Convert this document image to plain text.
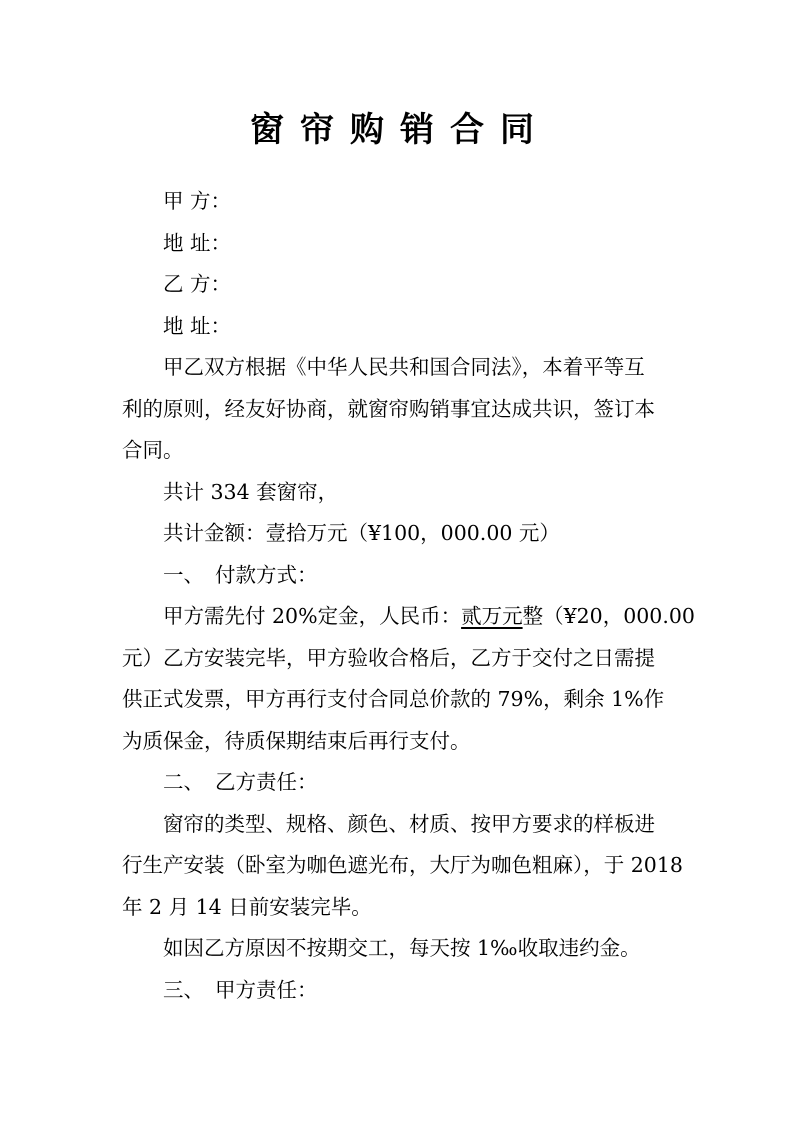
窗帘购销合同
甲 方：
地 址：
乙 方：
地 址：
甲乙双方根据《中华人民共和国合同法》，本着平等互
利的原则，经友好协商，就窗帘购销事宜达成共识，签订本
合同。
共计 334 套窗帘，
共计金额：壹拾万元（¥100，000.00 元）
一、 付款方式：
甲方需先付 20%定金，人民币：贰万元整（¥20，000.00
元）乙方安装完毕，甲方验收合格后，乙方于交付之日需提
供正式发票，甲方再行支付合同总价款的 79%，剩余 1%作
为质保金，待质保期结束后再行支付。
二、 乙方责任：
窗帘的类型、规格、颜色、材质、按甲方要求的样板进
行生产安装（卧室为咖色遮光布，大厅为咖色粗麻），于 2018
年 2 月 14 日前安装完毕。
如因乙方原因不按期交工，每天按 1‰收取违约金。
三、 甲方责任：
